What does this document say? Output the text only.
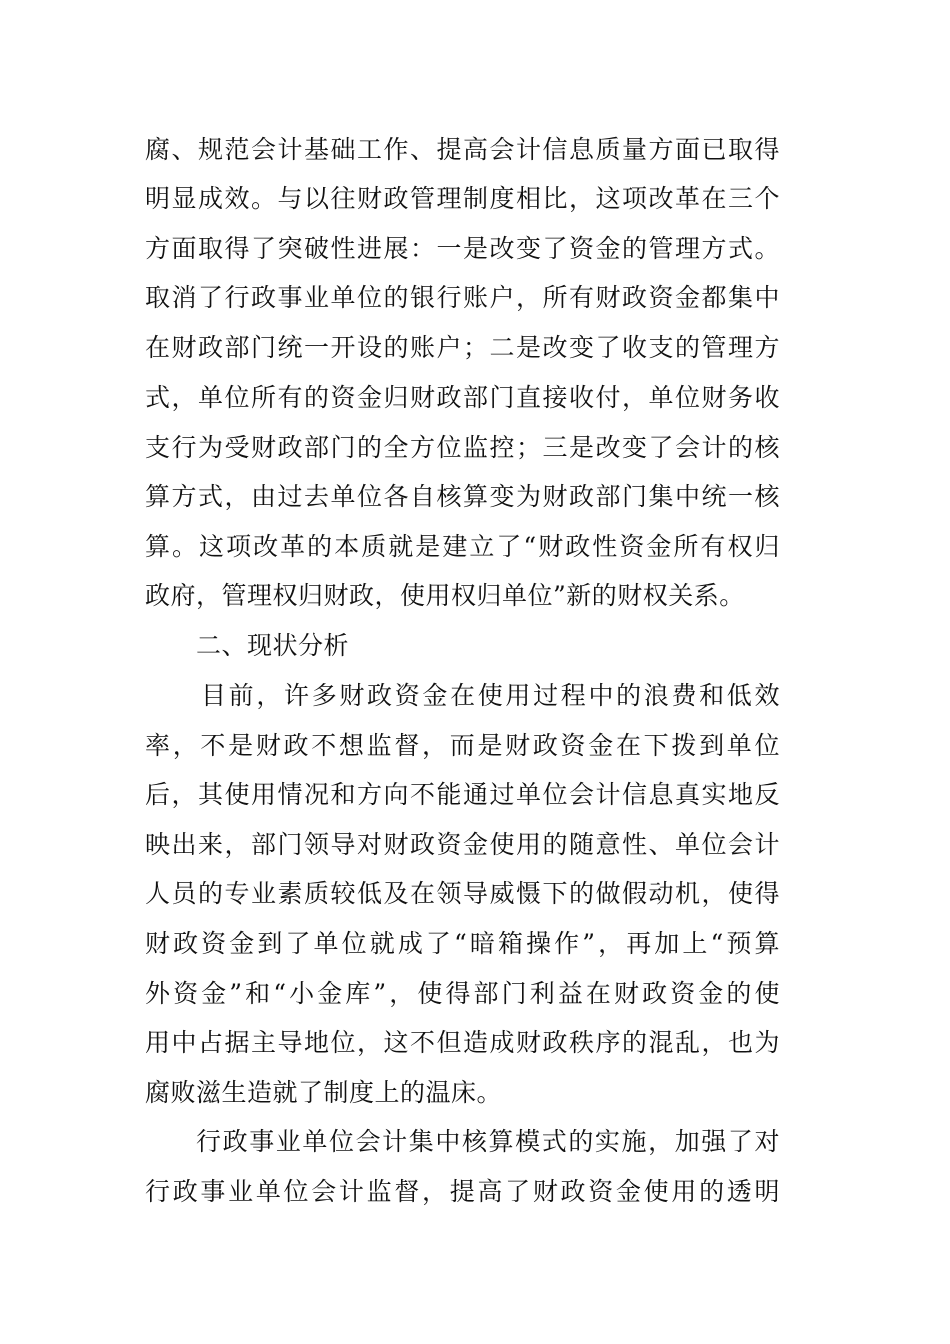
腐、规范会计基础工作、提高会计信息质量方面已取得
明显成效。与以往财政管理制度相比，这项改革在三个
方面取得了突破性进展：一是改变了资金的管理方式。
取消了行政事业单位的银行账户，所有财政资金都集中
在财政部门统一开设的账户；二是改变了收支的管理方
式，单位所有的资金归财政部门直接收付，单位财务收
支行为受财政部门的全方位监控；三是改变了会计的核
算方式，由过去单位各自核算变为财政部门集中统一核
算。这项改革的本质就是建立了“财政性资金所有权归
政府，管理权归财政，使用权归单位”新的财权关系。
二、现状分析
目前，许多财政资金在使用过程中的浪费和低效
率，不是财政不想监督，而是财政资金在下拨到单位
后，其使用情况和方向不能通过单位会计信息真实地反
映出来，部门领导对财政资金使用的随意性、单位会计
人员的专业素质较低及在领导威慑下的做假动机，使得
财政资金到了单位就成了“暗箱操作”，再加上“预算
外资金”和“小金库”，使得部门利益在财政资金的使
用中占据主导地位，这不但造成财政秩序的混乱，也为
腐败滋生造就了制度上的温床。
行政事业单位会计集中核算模式的实施，加强了对
行政事业单位会计监督，提高了财政资金使用的透明
